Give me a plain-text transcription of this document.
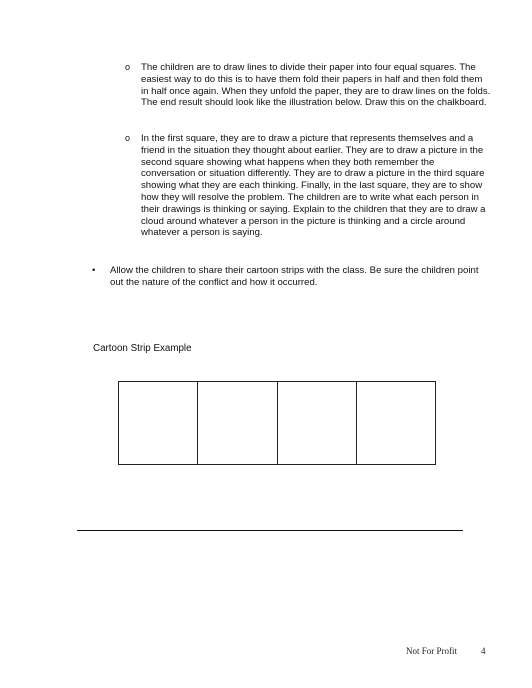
o The children are to draw lines to divide their paper into four equal squares. The easiest way to do this is to have them fold their papers in half and then fold them in half once again. When they unfold the paper, they are to draw lines on the folds. The end result should look like the illustration below. Draw this on the chalkboard.
o In the first square, they are to draw a picture that represents themselves and a friend in the situation they thought about earlier. They are to draw a picture in the second square showing what happens when they both remember the conversation or situation differently. They are to draw a picture in the third square showing what they are each thinking. Finally, in the last square, they are to show how they will resolve the problem. The children are to write what each person in their drawings is thinking or saying. Explain to the children that they are to draw a cloud around whatever a person in the picture is thinking and a circle around whatever a person is saying.
• Allow the children to share their cartoon strips with the class. Be sure the children point out the nature of the conflict and how it occurred.
Cartoon Strip Example
Not For Profit	4
